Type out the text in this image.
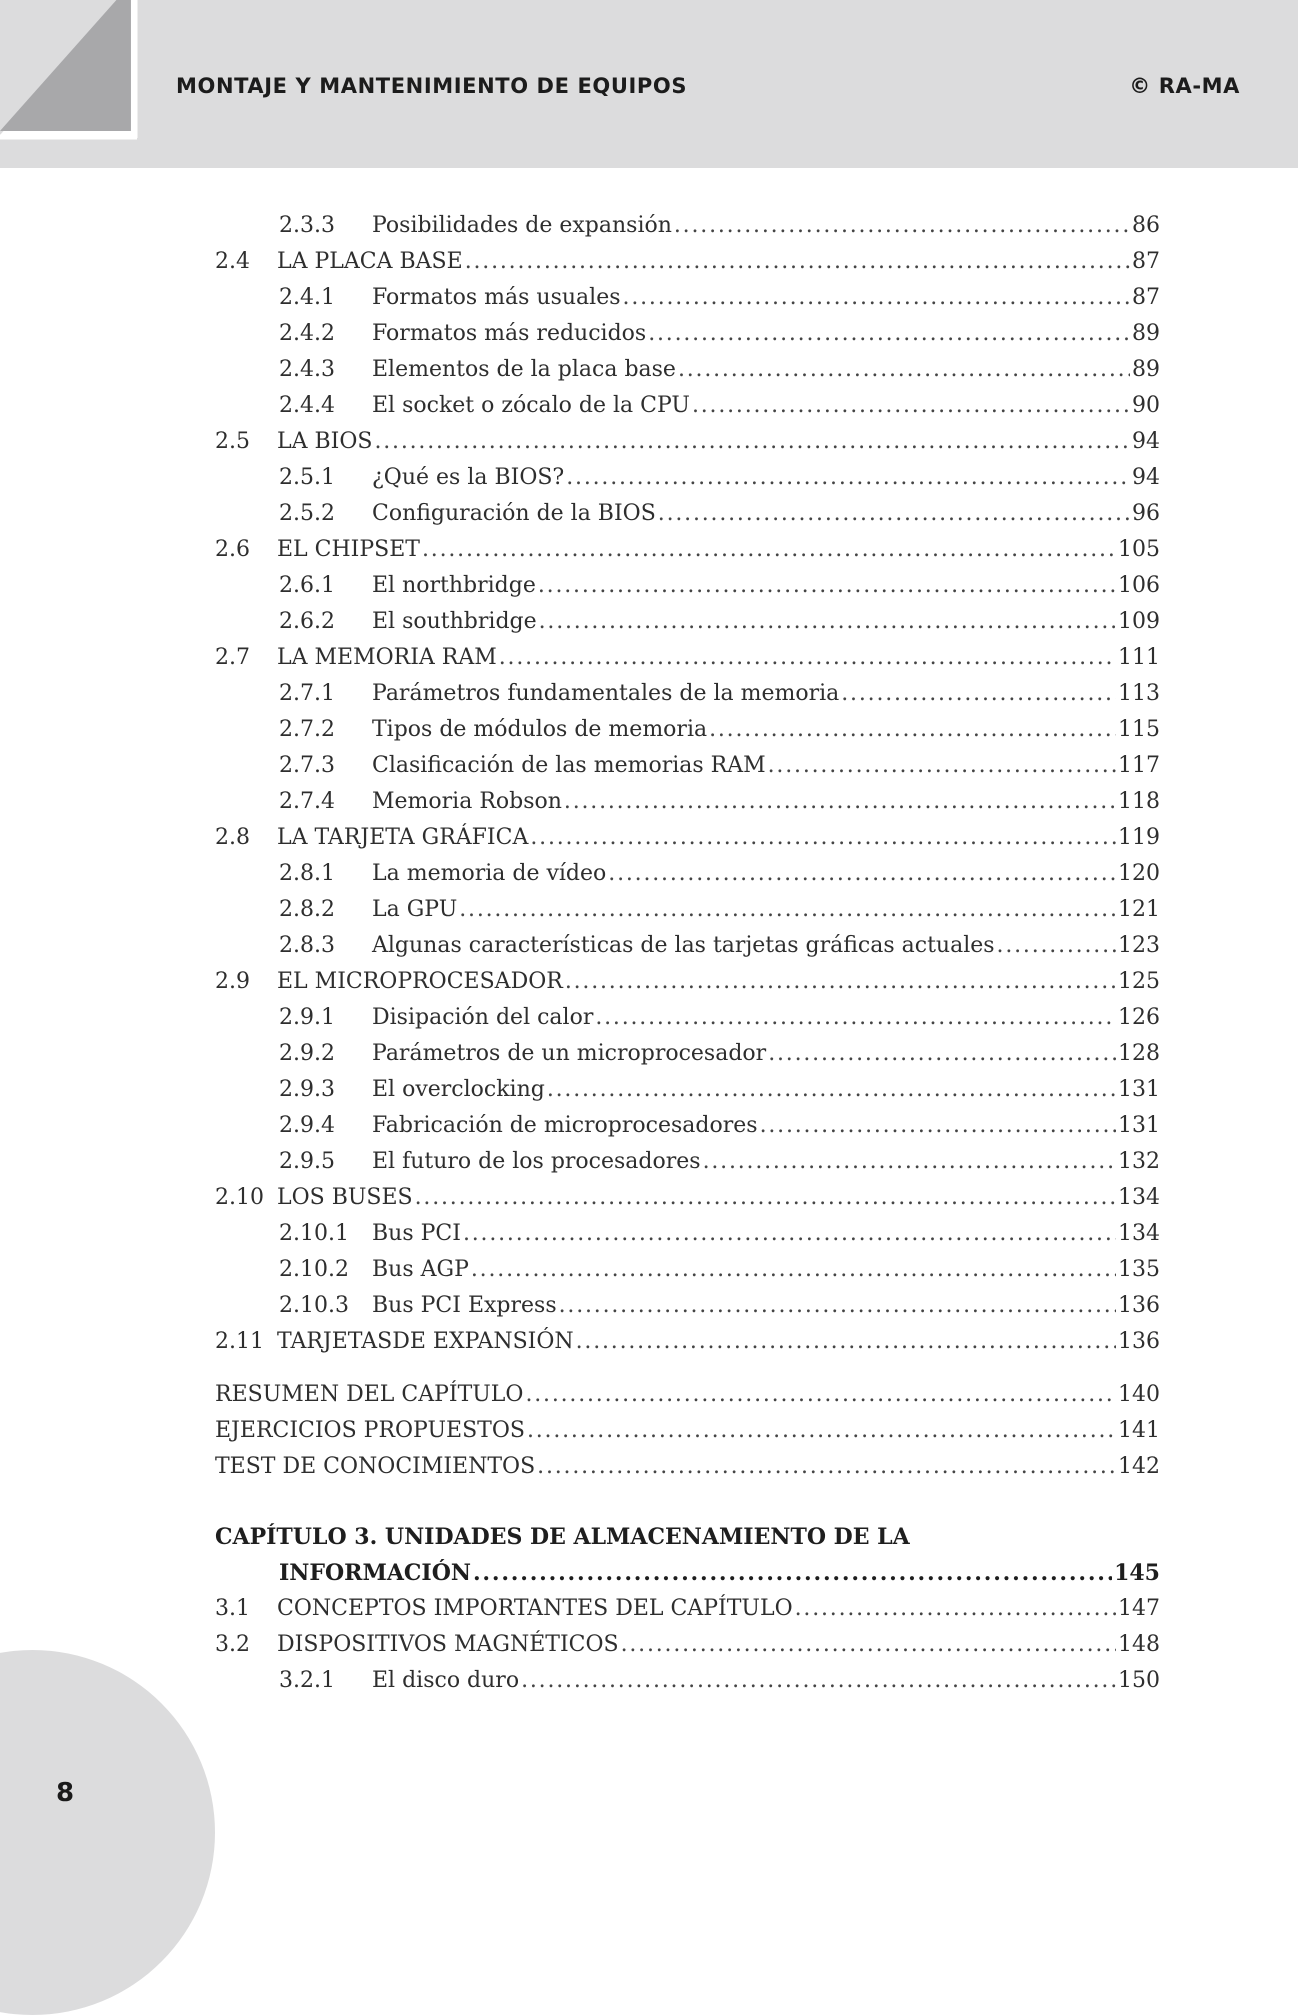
MONTAJE Y MANTENIMIENTO DE EQUIPOS	© RA-MA
2.3.3	Posibilidades de expansión .....	86
2.4	LA PLACA BASE .....	87
2.4.1	Formatos más usuales .....	87
2.4.2	Formatos más reducidos .....	89
2.4.3	Elementos de la placa base .....	89
2.4.4	El socket o zócalo de la CPU .....	90
2.5	LA BIOS .....	94
2.5.1	¿Qué es la BIOS? .....	94
2.5.2	Configuración de la BIOS .....	96
2.6	EL CHIPSET .....	105
2.6.1	El northbridge .....	106
2.6.2	El southbridge .....	109
2.7	LA MEMORIA RAM .....	111
2.7.1	Parámetros fundamentales de la memoria .....	113
2.7.2	Tipos de módulos de memoria .....	115
2.7.3	Clasificación de las memorias RAM .....	117
2.7.4	Memoria Robson .....	118
2.8	LA TARJETA GRÁFICA .....	119
2.8.1	La memoria de vídeo .....	120
2.8.2	La GPU .....	121
2.8.3	Algunas características de las tarjetas gráficas actuales .....	123
2.9	EL MICROPROCESADOR .....	125
2.9.1	Disipación del calor .....	126
2.9.2	Parámetros de un microprocesador .....	128
2.9.3	El overclocking .....	131
2.9.4	Fabricación de microprocesadores .....	131
2.9.5	El futuro de los procesadores .....	132
2.10 LOS BUSES .....	134
2.10.1	Bus PCI .....	134
2.10.2	Bus AGP .....	135
2.10.3	Bus PCI Express .....	136
2.11 TARJETASDE EXPANSIÓN .....	136
RESUMEN DEL CAPÍTULO .....	140
EJERCICIOS PROPUESTOS .....	141
TEST DE CONOCIMIENTOS .....	142
CAPÍTULO 3. UNIDADES DE ALMACENAMIENTO DE LA
INFORMACIÓN .....	145
3.1	CONCEPTOS IMPORTANTES DEL CAPÍTULO .....	147
3.2	DISPOSITIVOS MAGNÉTICOS .....	148
3.2.1	El disco duro .....	150
8
